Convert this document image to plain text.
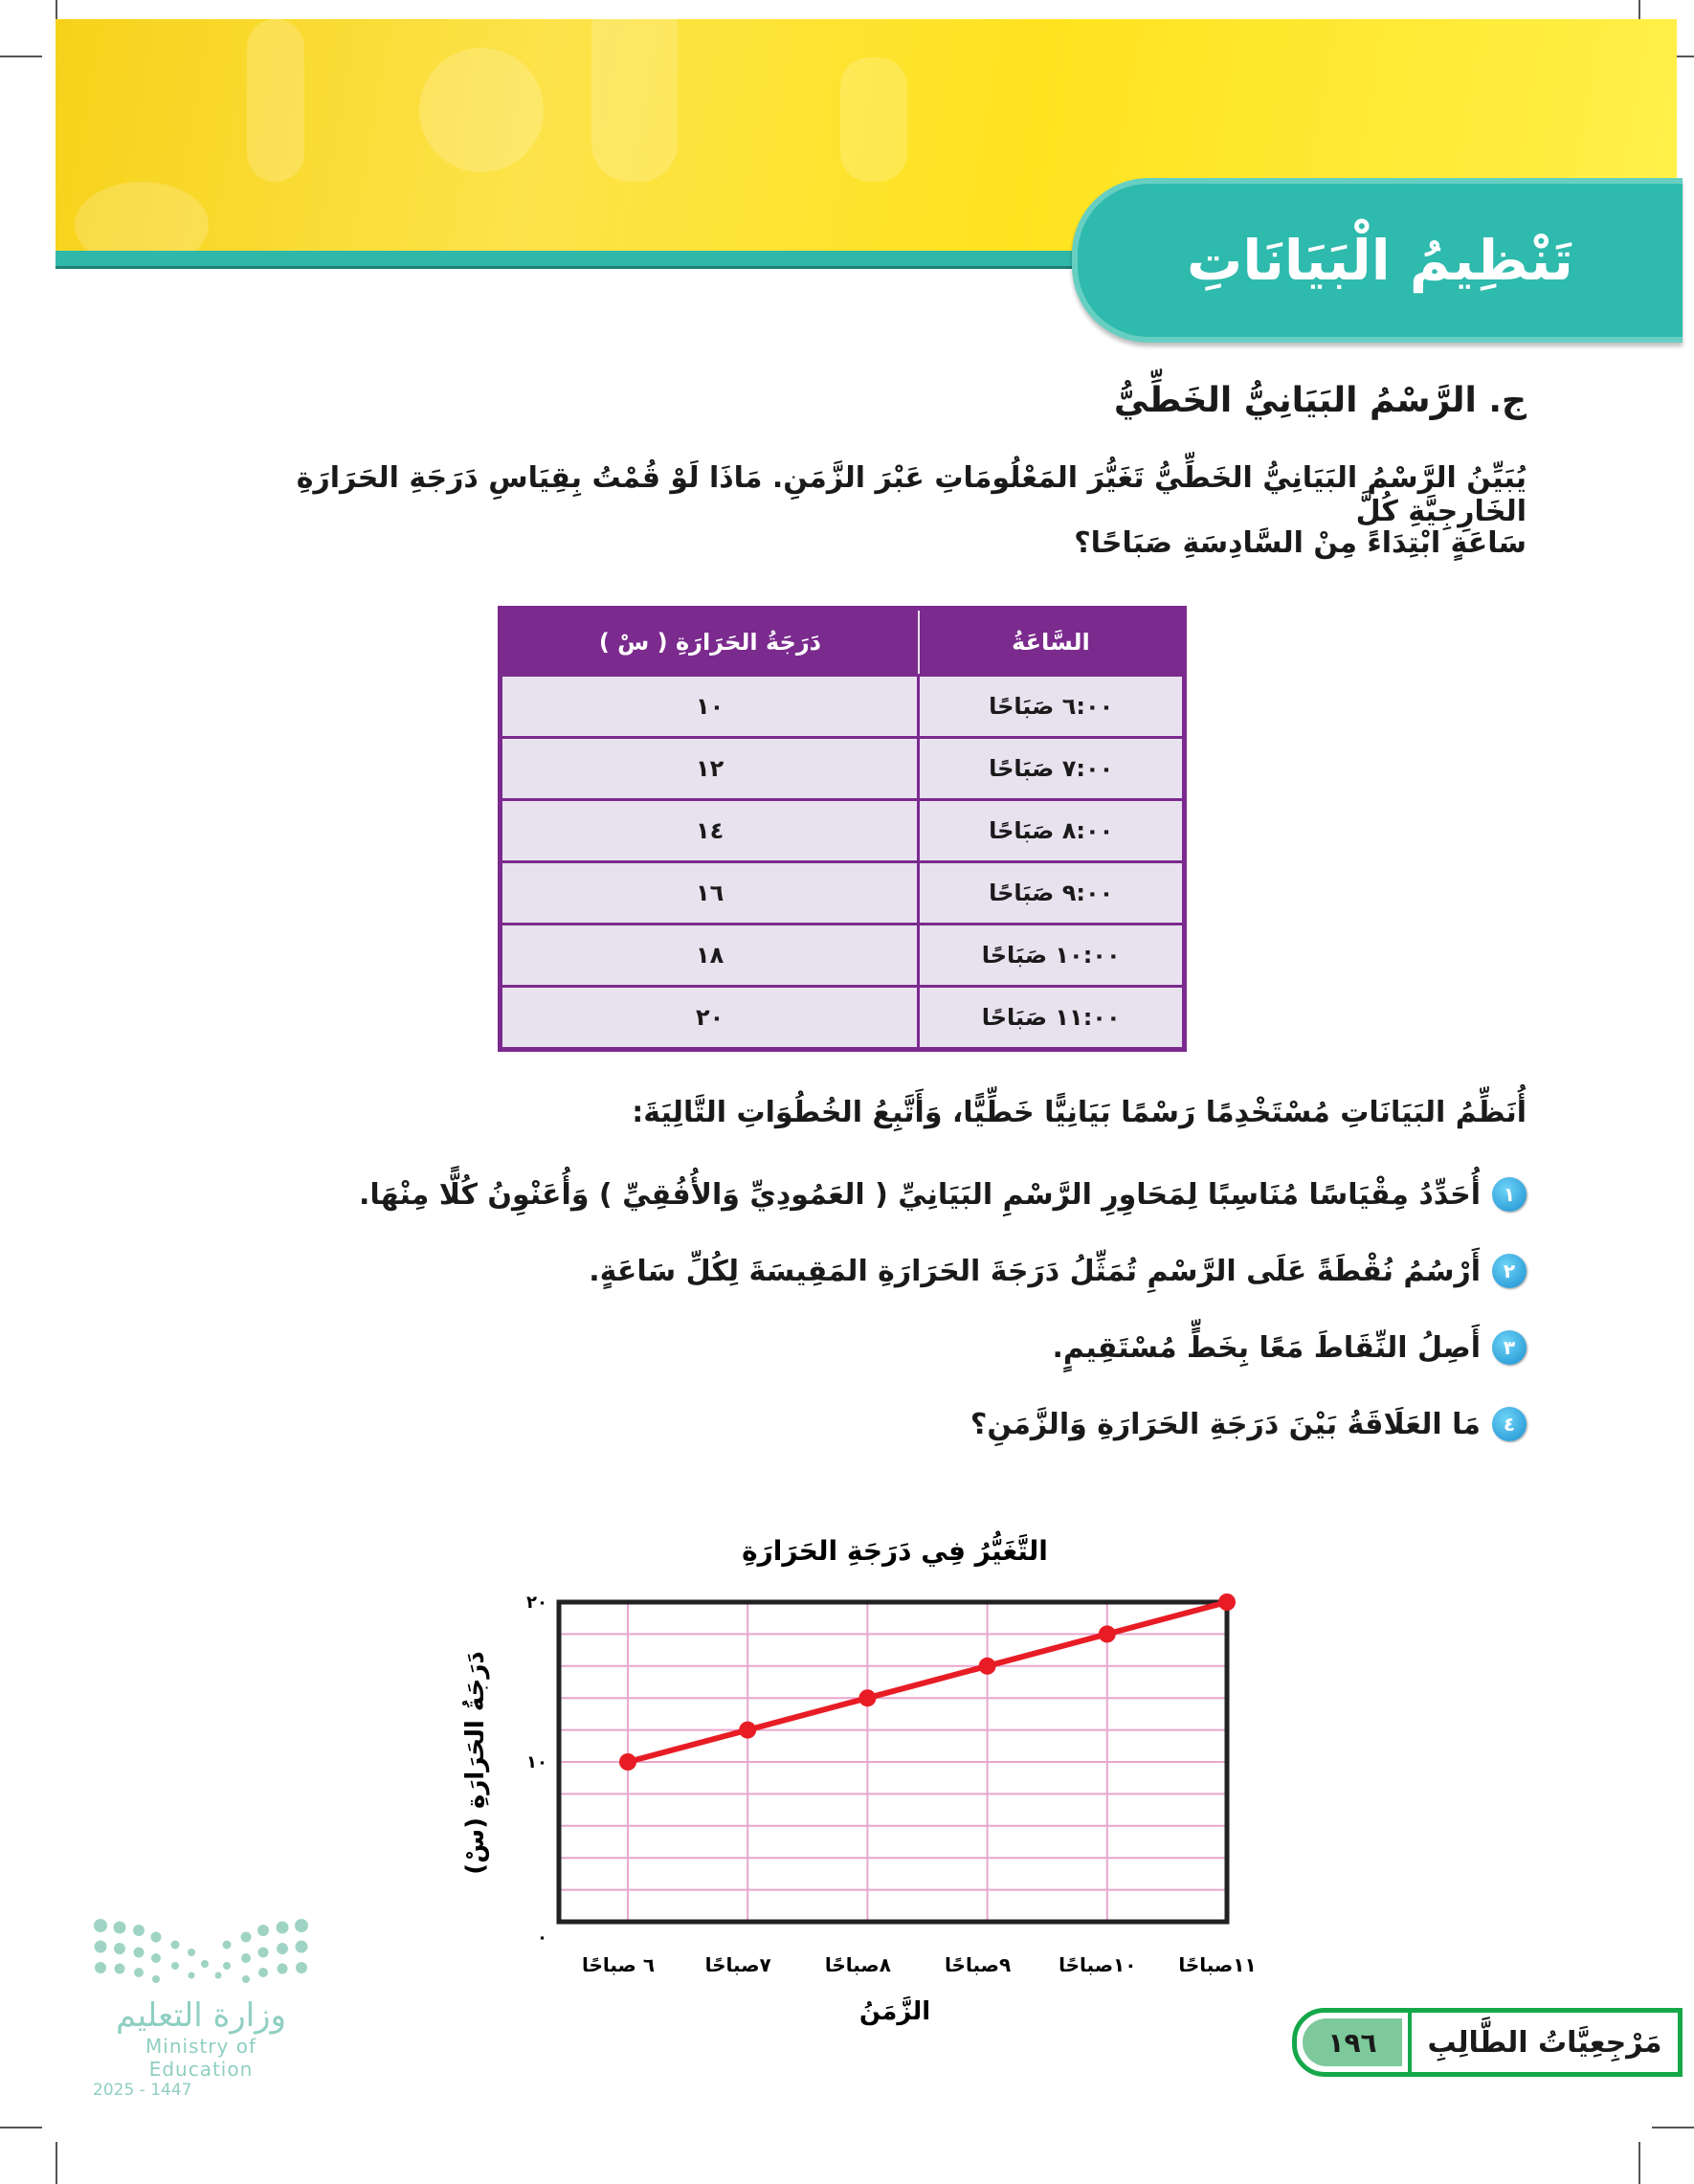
تَنْظِيمُ الْبَيَانَاتِ
ج. الرَّسْمُ البَيَانِيُّ الخَطِّيُّ
يُبَيِّنُ الرَّسْمُ البَيَانِيُّ الخَطِّيُّ تَغَيُّرَ المَعْلُومَاتِ عَبْرَ الزَّمَنِ. مَاذَا لَوْ قُمْتُ بِقِيَاسِ دَرَجَةِ الحَرَارَةِ الخَارِجِيَّةِ كُلَّ
سَاعَةٍ ابْتِدَاءً مِنْ السَّادِسَةِ صَبَاحًا؟
السَّاعَةُ	دَرَجَةُ الحَرَارَةِ ( سْ )
٦:٠٠ صَبَاحًا	١٠
٧:٠٠ صَبَاحًا	١٢
٨:٠٠ صَبَاحًا	١٤
٩:٠٠ صَبَاحًا	١٦
١٠:٠٠ صَبَاحًا	١٨
١١:٠٠ صَبَاحًا	٢٠
أُنَظِّمُ البَيَانَاتِ مُسْتَخْدِمًا رَسْمًا بَيَانِيًّا خَطِّيًّا، وَأَتَّبِعُ الخُطُوَاتِ التَّالِيَةَ:
١
أُحَدِّدُ مِقْيَاسًا مُنَاسِبًا لِمَحَاوِرِ الرَّسْمِ البَيَانِيِّ ( العَمُودِيِّ وَالأُفُقِيِّ ) وَأُعَنْوِنُ كُلًّا مِنْهَا.
٢
أَرْسُمُ نُقْطَةً عَلَى الرَّسْمِ تُمَثِّلُ دَرَجَةَ الحَرَارَةِ المَقِيسَةَ لِكُلِّ سَاعَةٍ.
٣
أَصِلُ النِّقَاطَ مَعًا بِخَطٍّ مُسْتَقِيمٍ.
٤
مَا العَلَاقَةُ بَيْنَ دَرَجَةِ الحَرَارَةِ وَالزَّمَنِ؟
التَّغَيُّرُ فِي دَرَجَةِ الحَرَارَةِ
٠
١٠
٢٠
٦ صباحًا	٧صباحًا	٨صباحًا	٩صباحًا ١٠صباحًا ١١صباحًا
دَرَجَةُ الحَرَارَةِ (سْ)
الزَّمَنُ
وزارة التعليم
Ministry of Education
2025 - 1447
مَرْجِعِيَّاتُ الطَّالِبِ
١٩٦
